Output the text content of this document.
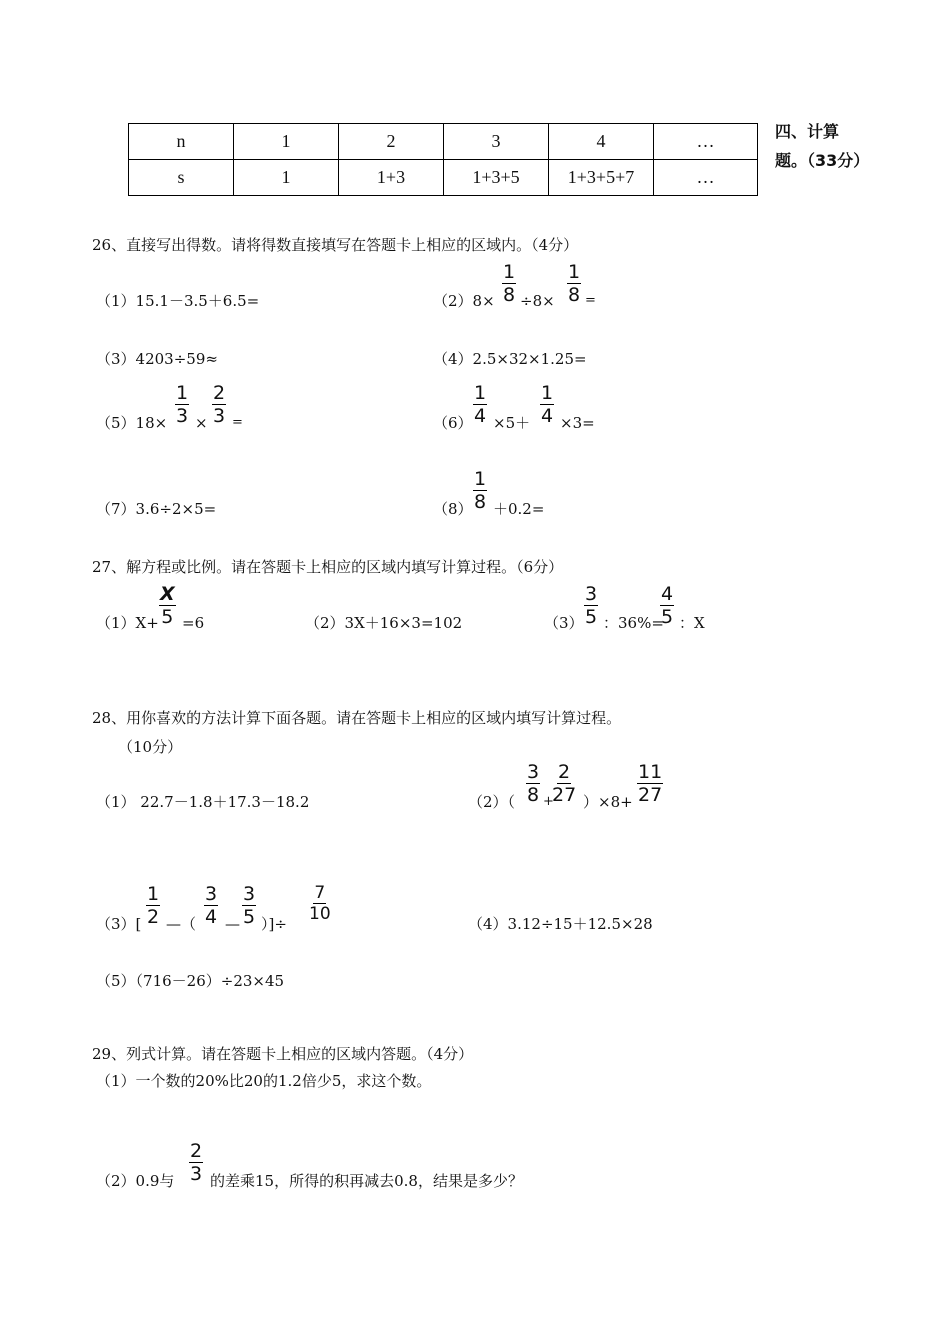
n	1	2	3	4	…
s	1	1+3	1+3+5	1+3+5+7	…
四、计算题。（33分）
26、直接写出得数。请将得数直接填写在答题卡上相应的区域内。（4分）
（1）15.1－3.5＋6.5=	$(2)8\times \frac{1}{8} \div 8\times \frac{1}{8}$ =
（3）4203÷59≈	（4）2.5×32×1.25=
$(5)18\times \frac{1}{3} \times \frac{2}{3}$ =	$(6) \frac{1}{4} \times 5+ \frac{1}{4} \times 3=$
（7）3.6÷2×5=	$(8) \frac{1}{8} +0.2=$
27、解方程或比例。请在答题卡上相应的区域内填写计算过程。（6分）
$(1)X+ \frac{X}{5} =6$	（2）3X＋16×3=102	$(3) \frac{3}{5}$ ：36%=
$\frac{4}{5}$ ：X
28、用你喜欢的方法计算下面各题。请在答题卡上相应的区域内填写计算过程。
（10分）
（1） 22.7－1.8＋17.3－18.2	$(2)( \frac{3}{8}$ +
$\frac{2}{27} )\times 8+ \frac{11}{27}$
$(3)[ \frac{1}{2}$ —（ $\frac{3}{4}$ — $\frac{3}{5}$ ）]÷
$\frac{7}{10}$
（4）3.12÷15＋12.5×28
（5）（716－26）÷23×45
29、列式计算。请在答题卡上相应的区域内答题。（4分）
（1）一个数的20%比20的1.2倍少5，求这个数。
（2）0.9与 $\frac{2}{3}$ 的差乘15，所得的积再减去0.8，结果是多少？
